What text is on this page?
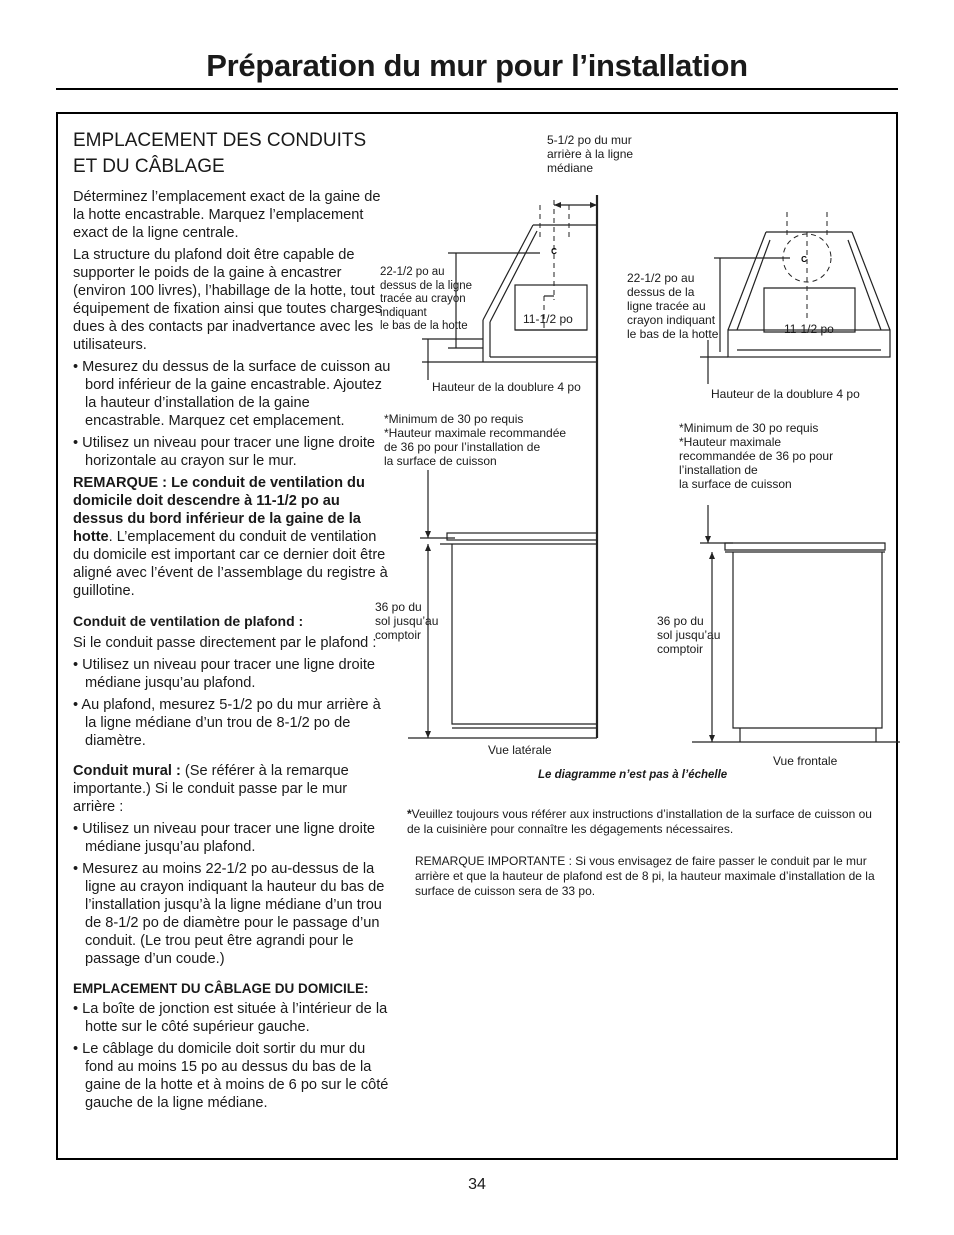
Préparation du mur pour l’installation
EMPLACEMENT DES CONDUITS
ET DU CÂBLAGE

Déterminez l’emplacement exact de la gaine de la hotte encastrable. Marquez l’emplacement exact de la ligne centrale.

La structure du plafond doit être capable de supporter le poids de la gaine à encastrer (environ 100 livres), l’habillage de la hotte, tout équipement de fixation ainsi que toutes charges dues à des contacts par inadvertance avec les utilisateurs.

• Mesurez du dessus de la surface de cuisson au bord inférieur de la gaine encastrable. Ajoutez la hauteur d’installation de la gaine encastrable. Marquez cet emplacement.

• Utilisez un niveau pour tracer une ligne droite horizontale au crayon sur le mur.

REMARQUE : Le conduit de ventilation du domicile doit descendre à 11-1/2 po au dessus du bord inférieur de la gaine de la hotte. L’emplacement du conduit de ventilation du domicile est important car ce dernier doit être aligné avec l’évent de l’assemblage du registre à guillotine.

Conduit de ventilation de plafond :

Si le conduit passe directement par le plafond :

• Utilisez un niveau pour tracer une ligne droite médiane jusqu’au plafond.

• Au plafond, mesurez 5-1/2 po du mur arrière à la ligne médiane d’un trou de 8-1/2 po de diamètre.

Conduit mural : (Se référer à la remarque importante.) Si le conduit passe par le mur arrière :

• Utilisez un niveau pour tracer une ligne droite médiane jusqu’au plafond.

• Mesurez au moins 22-1/2 po au-dessus de la ligne au crayon indiquant la hauteur du bas de l’installation jusqu’à la ligne médiane d’un trou de 8-1/2 po de diamètre pour le passage d’un conduit. (Le trou peut être agrandi pour le passage d’un coude.)

EMPLACEMENT DU CÂBLAGE DU DOMICILE:

• La boîte de jonction est située à l’intérieur de la hotte sur le côté supérieur gauche.

• Le câblage du domicile doit sortir du mur du fond au moins 15 po au dessus du bas de la gaine de la hotte et à moins de 6 po sur le côté gauche de la ligne médiane.

C
C
5-1/2 po du mur
arrière à la ligne
médiane
22-1/2 po au
dessus de la ligne
tracée au crayon
indiquant
le bas de la hotte	11-1/2 po
Hauteur de la doublure 4 po
*Minimum de 30 po requis
*Hauteur maximale recommandée
de 36 po pour l’installation de
la surface de cuisson
36 po du
sol jusqu’au
comptoir
Vue latérale
22-1/2 po au
dessus de la
ligne tracée au
crayon indiquant
le bas de la hotte	11-1/2 po
Hauteur de la doublure 4 po
*Minimum de 30 po requis
*Hauteur maximale
recommandée de 36 po pour
l’installation de
la surface de cuisson
36 po du
sol jusqu’au
comptoir
Vue frontale
Le diagramme n’est pas à l’échelle
*Veuillez toujours vous référer aux instructions d’installation de la surface de cuisson ou de la cuisinière pour connaître les dégagements nécessaires.
REMARQUE IMPORTANTE : Si vous envisagez de faire passer le conduit par le mur arrière et que la hauteur de plafond est de 8 pi, la hauteur maximale d’installation de la surface de cuisson sera de 33 po.
34
